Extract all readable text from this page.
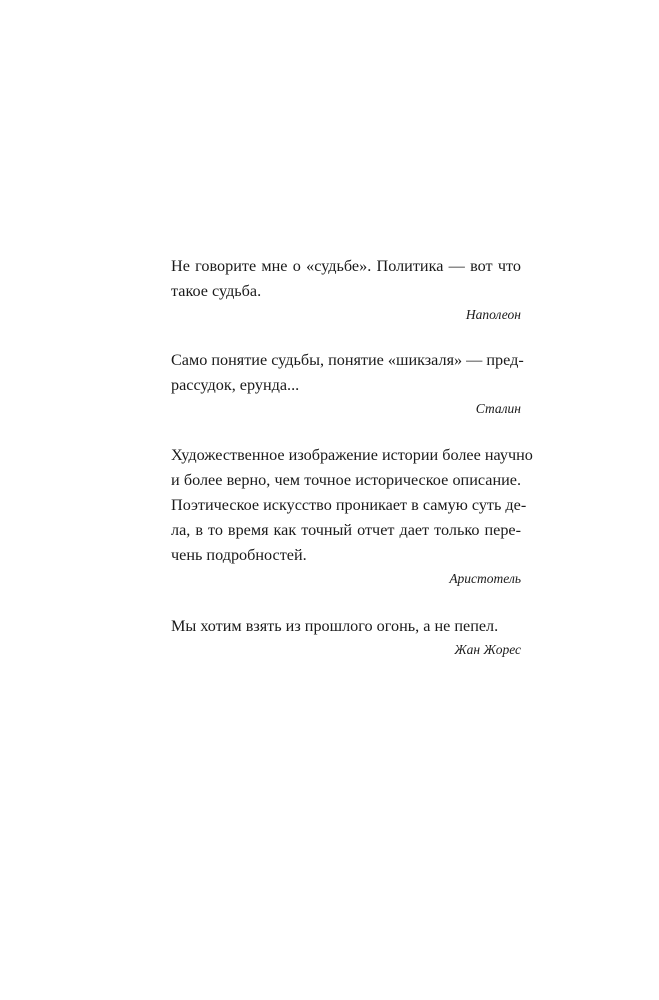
Не говорите мне о «судьбе». Политика — вот что
такое судьба.
Наполеон
Само понятие судьбы, понятие «шикзаля» — пред-
рассудок, ерунда...
Сталин
Художественное изображение истории более научно
и более верно, чем точное историческое описание.
Поэтическое искусство проникает в самую суть де-
ла, в то время как точный отчет дает только пере-
чень подробностей.
Аристотель
Мы хотим взять из прошлого огонь, а не пепел.
Жан Жорес
